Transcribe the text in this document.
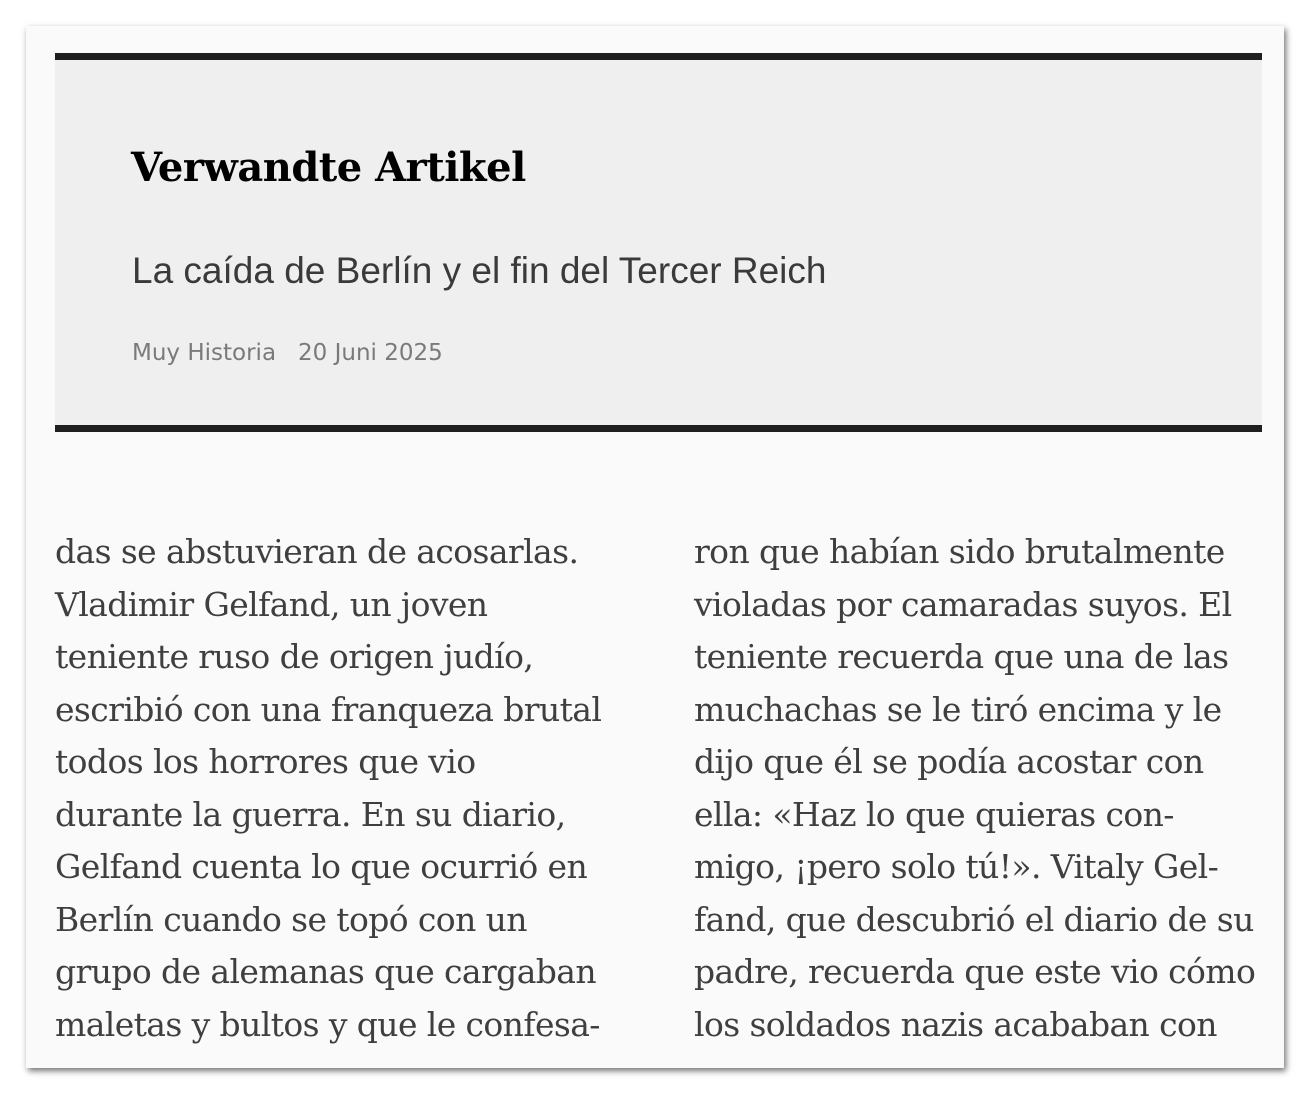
Verwandte Artikel
La caída de Berlín y el fin del Tercer Reich
Muy Historia 20 Juni 2025
das se abstuvieran de acosarlas.
Vladimir Gelfand, un joven
teniente ruso de origen judío,
escribió con una franqueza brutal
todos los horrores que vio
durante la guerra. En su diario,
Gelfand cuenta lo que ocurrió en
Berlín cuando se topó con un
grupo de alemanas que cargaban
maletas y bultos y que le confesa-
ron que habían sido brutalmente
violadas por camaradas suyos. El
teniente recuerda que una de las
muchachas se le tiró encima y le
dijo que él se podía acostar con
ella: «Haz lo que quieras con-
migo, ¡pero solo tú!». Vitaly Gel-
fand, que descubrió el diario de su
padre, recuerda que este vio cómo
los soldados nazis acababan con
